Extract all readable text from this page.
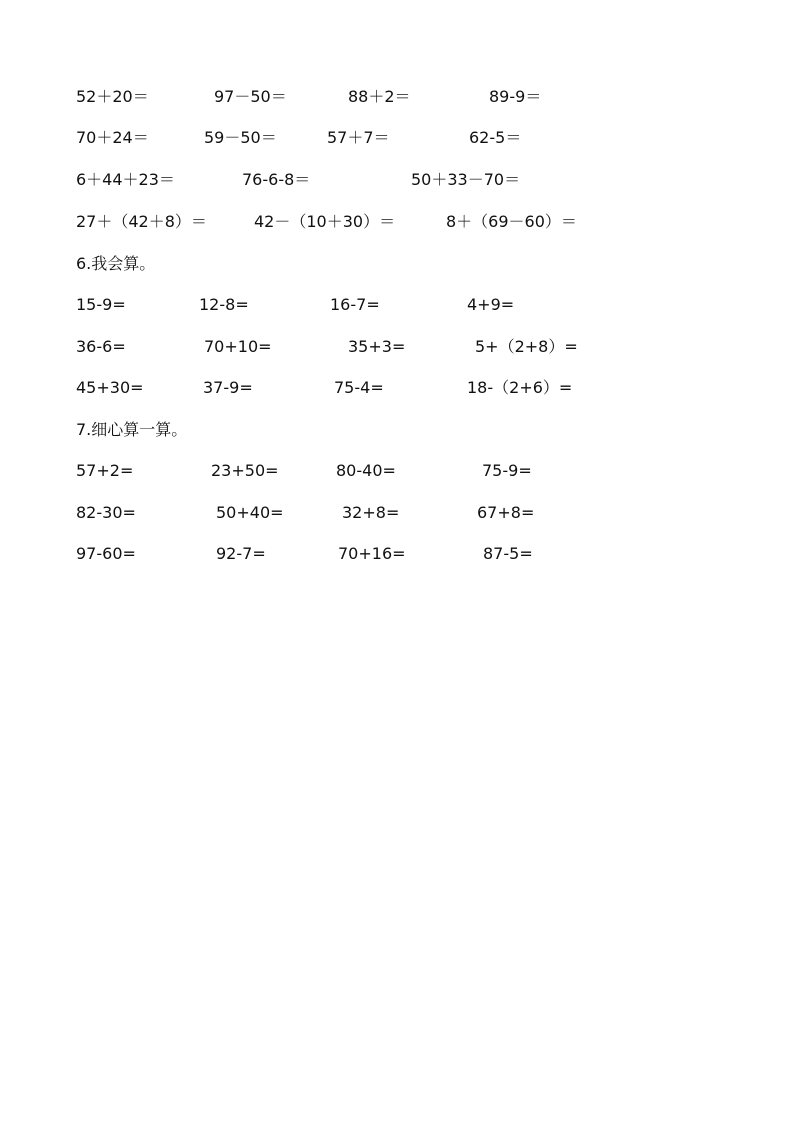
52＋20＝	97－50＝	88＋2＝	89-9＝
70＋24＝	59－50＝	57＋7＝	62-5＝
6＋44＋23＝	76-6-8＝	50＋33－70＝
27＋（42＋8）＝	42－（10＋30）＝	8＋（69－60）＝
6.我会算。
15-9=	12-8=	16-7=	4+9=
36-6=	70+10=	35+3=	5+（2+8）=
45+30=	37-9=	75-4=	18-（2+6）=
7.细心算一算。
57+2=	23+50=	80-40=	75-9=
82-30=	50+40=	32+8=	67+8=
97-60=	92-7=	70+16=	87-5=
